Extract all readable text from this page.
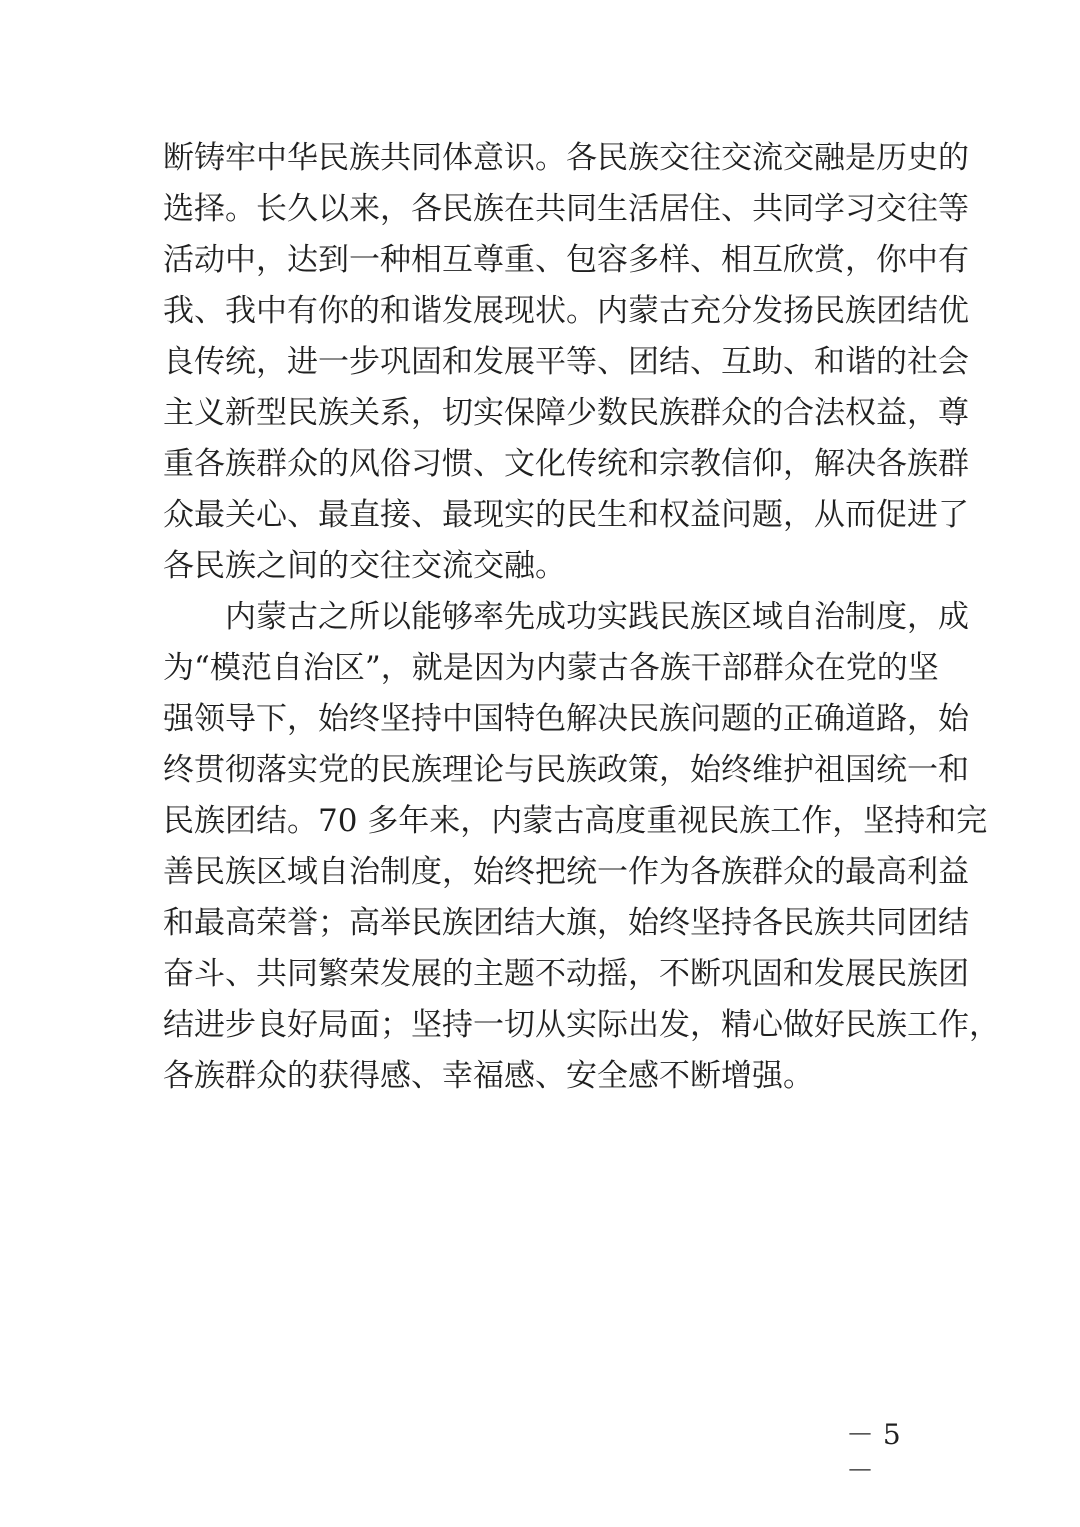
断铸牢中华民族共同体意识。各民族交往交流交融是历史的
选择。长久以来，各民族在共同生活居住、共同学习交往等
活动中，达到一种相互尊重、包容多样、相互欣赏，你中有
我、我中有你的和谐发展现状。内蒙古充分发扬民族团结优
良传统，进一步巩固和发展平等、团结、互助、和谐的社会
主义新型民族关系，切实保障少数民族群众的合法权益，尊
重各族群众的风俗习惯、文化传统和宗教信仰，解决各族群
众最关心、最直接、最现实的民生和权益问题，从而促进了
各民族之间的交往交流交融。
内蒙古之所以能够率先成功实践民族区域自治制度，成
为“模范自治区”，就是因为内蒙古各族干部群众在党的坚
强领导下，始终坚持中国特色解决民族问题的正确道路，始
终贯彻落实党的民族理论与民族政策，始终维护祖国统一和
民族团结。70 多年来，内蒙古高度重视民族工作，坚持和完
善民族区域自治制度，始终把统一作为各族群众的最高利益
和最高荣誉；高举民族团结大旗，始终坚持各民族共同团结
奋斗、共同繁荣发展的主题不动摇，不断巩固和发展民族团
结进步良好局面；坚持一切从实际出发，精心做好民族工作，
各族群众的获得感、幸福感、安全感不断增强。
－ 5 －
